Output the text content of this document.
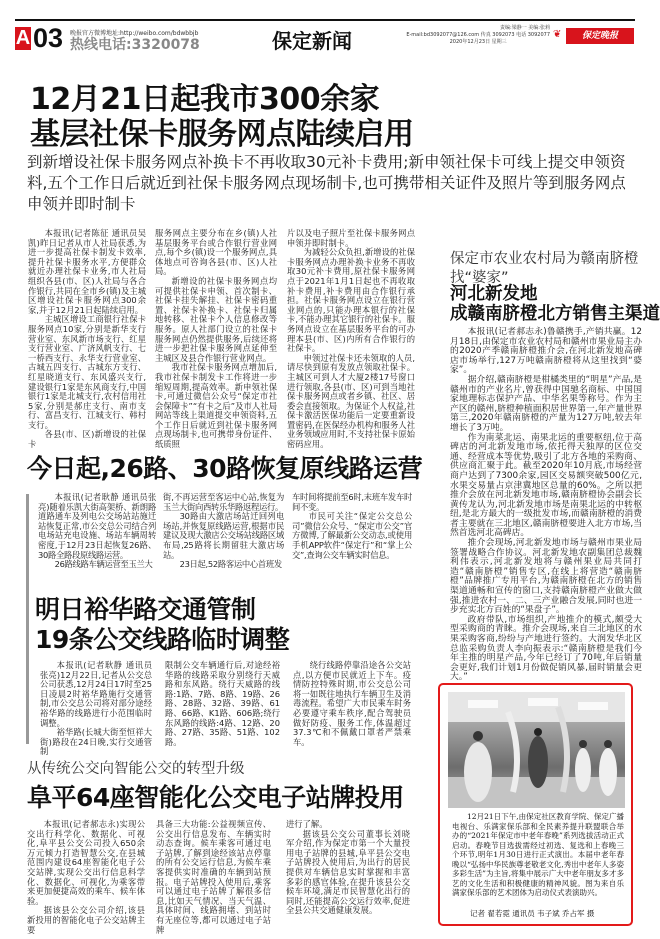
A 03 晚报官方微博地址:http://weibo.com/bdwbbjb
热线电话:3320078	保定新闻
责编:梁静一 美编:张莉
E-mail:bd3092077@126.com 传真 3092073 电话 3092077
2020年12月23日 星期三
❦	保定晚报
12月21日起我市300余家
基层社保卡服务网点陆续启用
到新增设社保卡服务网点补换卡不再收取30元补卡费用;新申领社保卡可线上提交申领资料,五个工作日后就近到社保卡服务网点现场制卡,也可携带相关证件及照片等到服务网点申领并即时制卡

本报讯(记者陈征 通讯员吴凯)昨日记者从市人社局获悉,为进一步提高社保卡制发卡效率,提升社保卡服务水平,方便群众就近办理社保卡业务,市人社局组织各县(市、区)人社局与各合作银行,共同在全市乡(镇)及主城区增设社保卡服务网点300余家,并于12月21日起陆续启用。

主城区增设工商银行社保卡服务网点10家,分别是新华支行营业室、东风新市场支行、红星支行营业室、广济风帆支行、七一桥西支行、永华支行营业室、古城五四支行、古城东方支行、红星晓道支行、东风盛兴支行,建设银行1家是东风商支行,中国银行1家是北城支行,农村信用社5家,分别是郝庄支行、南市支行、富昌支行、江城支行、韩村支行。

各县(市、区)新增设的社保卡

服务网点主要分布在乡(镇)人社基层服务平台或合作银行营业网点,每个乡(镇)设一个服务网点,具体地点可咨询各县(市、区)人社局。

新增设的社保卡服务网点均可提供社保卡申领、首次制卡、社保卡挂失解挂、社保卡密码重置、社保卡补换卡、社保卡归属地转移、社保卡个人信息修改等服务。原人社部门设立的社保卡服务网点仍然提供服务,后续还将进一步把社保卡服务网点延伸至主城区及县合作银行营业网点。

我市社保卡服务网点增加后,我市社保卡制发卡工作将进一步缩短周期,提高效率。新申领社保卡,可通过微信公众号“保定市社会保障卡”“有卡之后”及市人社局网站等线上渠道提交申领资料,五个工作日后就近到社保卡服务网点现场制卡,也可携带身份证件、纸质照

片以及电子照片至社保卡服务网点申领并即时制卡。

为减轻公众负担,新增设的社保卡服务网点办理补换卡业务不再收取30元补卡费用,原社保卡服务网点于2021年1月1日起也不再收取补卡费用,补卡费用由合作银行承担。社保卡服务网点设立在银行营业网点的,只能办理本银行的社保卡,不能办理其它银行的社保卡。服务网点设立在基层服务平台的可办理本县(市、区)内所有合作银行的社保卡。

申领过社保卡还未领取的人员,请尽快到原有发放点领取社保卡。主城区可到人才大厦2楼17号窗口进行领取,各县(市、区)可到当地社保卡服务网点或者乡镇、社区、居委会直接领取。为保证个人权益,社保卡激活医保功能后一定要重新设置密码,在医保经办机构和服务人社业务领域应用时,不支持社保卡原始密码应用。

保定市农业农村局为赣南脐橙找“婆家”
河北新发地
成赣南脐橙北方销售主渠道

本报讯(记者郝志永)鲁赣携手,产销共赢。12月18日,由保定市农业农村局和赣州市果业局主办的2020产季赣南脐橙推介会,在河北新发地高碑店市场举行,127万吨赣南脐橙将从这里找到“婆家”。

据介绍,赣南脐橙是柑橘类里的“明星”产品,是赣州市的产业名片,曾获得中国驰名商标、中国国家地理标志保护产品、中华名果等称号。作为主产区的赣州,脐橙种植面积居世界第一,年产量世界第三,2020年赣南脐橙的产量为127万吨,较去年增长了3万吨。

作为南菜北运、南果北运的重要枢纽,位于高碑店的河北新发地市场,依托得天独厚的区位交通、经营成本等优势,吸引了北方各地的采购商、供应商汇聚于此。截至2020年10月底,市场经营商户达到了7300余家,园区交易额突破500亿元,水果交易量占京津冀地区总量的60%。之所以把推介会放在河北新发地市场,赣南脐橙协会副会长黄传龙认为,河北新发地市场是南果北运的中转枢纽,是北方最大的一级批发市场,而赣南脐橙的消费者主要就在三北地区,赣南脐橙要进入北方市场,当然首选河北高碑店。

推介会现场,河北新发地市场与赣州市果业局签署战略合作协议。河北新发地农副集团总裁魏利伟表示,河北新发地将与赣州果业局共同打造“赣南脐橙”销售专区,在线上将营造“赣南脐橙”品牌推广专用平台,为赣南脐橙在北方的销售渠道通畅和宣传的窗口,支持赣南脐橙产业做大做强,推进农村一、二、三产业融合发展,同时也进一步充实北方百姓的“果盘子”。

政府带队,市场组织,产地推介的模式,颇受大型采购商的青睐。推介会现场,来自三北地区的水果采购客商,纷纷与产地进行签约。大润发华北区总监采购负责人李向振表示:“赣南脐橙是我们今年主推的明星产品,今年已经订了70吨,年后销量会更好,我们计划1月份做促销风暴,届时销量会更大。”

今日起,26路、30路恢复原线路运营

本报讯(记者耿静 通讯员张亮)随着乐凯大街高架桥、新朗路道路通车及列电公交场站站施迁站恢复正常,市公交总公司结合列电场站充电设施、场站车辆周转密度,于12月23日起恢复26路、30路全路段原线路运营。

26路线路车辆运营至玉兰大

街,不再运营至客运中心站,恢复为玉兰大街向西转乐华路返程运行。

30路由大激店场站迁回列电场站,并恢复原线路运营,根据市民建议及现大激店公交场站线路区域布局,25路将长期留驻大激店场站。

23日起,52路客运中心首班发

车时间将提前至6时,末班车发车时间不变。

市民可关注“保定公交总公司”微信公众号、“保定市公交”官方微博,了解最新公交动态,或使用手机APP软件“保定行”和“掌上公交”,查询公交车辆实时信息。

明日裕华路交通管制
19条公交线路临时调整

本报讯(记者耿静 通讯员张亮)12月22日,记者从公交总公司获悉,12月24日17时至25日凌晨2时裕华路施行交通管制,市公交总公司将对部分途经裕华路的线路进行小范围临时调整。

裕华路(长城大街至恒祥大街)路段在24日晚,实行交通管制

限制公交车辆通行后,对途经裕华路的线路采取分别绕行天威路和东风路。绕行天威路的线路:1路、7路、8路、19路、26路、28路、32路、39路、61路、66路、K1路、606路;绕行东风路的线路:4路、12路、20路、27路、35路、51路、102路。

绕行线路停靠沿途各公交站点,以方便市民就近上下车。疫情防控特殊时期,市公交总公司将一如既往地执行车辆卫生及消毒流程。希望广大市民乘车时务必要遵守乘车秩序,配合驾驶员做好防疫、服务工作,体温超过37.3℃和不佩戴口罩者严禁乘车。

从传统公交向智能公交的转型升级
阜平64座智能化公交电子站牌投用

本报讯(记者郝志永)实现公交出行科学化、数据化、可视化,阜平县公交公司投入650余万元倾力打造智慧公交,在县城范围内建设64座智能化电子公交站牌,实现公交出行信息科学化、数据化、可视化,为乘客带来更加便捷高效的乘车、候车体验。

据该县公交公司介绍,该县新投用的智能化电子公交站牌主要

具备三大功能:公益视频宣传、公交出行信息发布、车辆实时动态查询。候车乘客可通过电子站牌,了解到途经该站点停靠的所有公交运行信息,为候车乘客提供实时准确的车辆到站预报。电子站牌投入使用后,乘客可以通过电子站牌了解很多信息,比如天气情况、当天气温、具体时间、线路拥堵、到站时有无座位等,都可以通过电子站牌

进行了解。

据该县公交公司董事长刘晓军介绍,作为保定市第一个大量投用电子站牌的县城,阜平县公交电子站牌投入使用后,为出行的居民提供对车辆信息实时掌握和丰富多彩的感官体验,在提升该县公交候车环境,满足市民智慧化出行的同时,还能提高公交运行效率,促进全县公共交通健康发展。

12月21日下午,由保定社区教育学院、保定广播电视台、乐满家保乐部和全民素养提升联盟联合举办的“2021年保定市中老年春晚”系列选拔活动正式启动。春晚节目选拔需经过初选、复选和上春晚三个环节,明年1月30日进行正式演出。本届中老年春晚以“弘扬中华民族尊老敬老文化,秀出中老年人多姿多彩生活”为主旨,将集中展示广大中老年朋友多才多艺的文化生活和积极健康的精神风貌。图为来自乐满家保乐部的艺术团体为启动仪式表演助兴。

记者 翟若霓 通讯员 韦子斌 乔占军 摄
